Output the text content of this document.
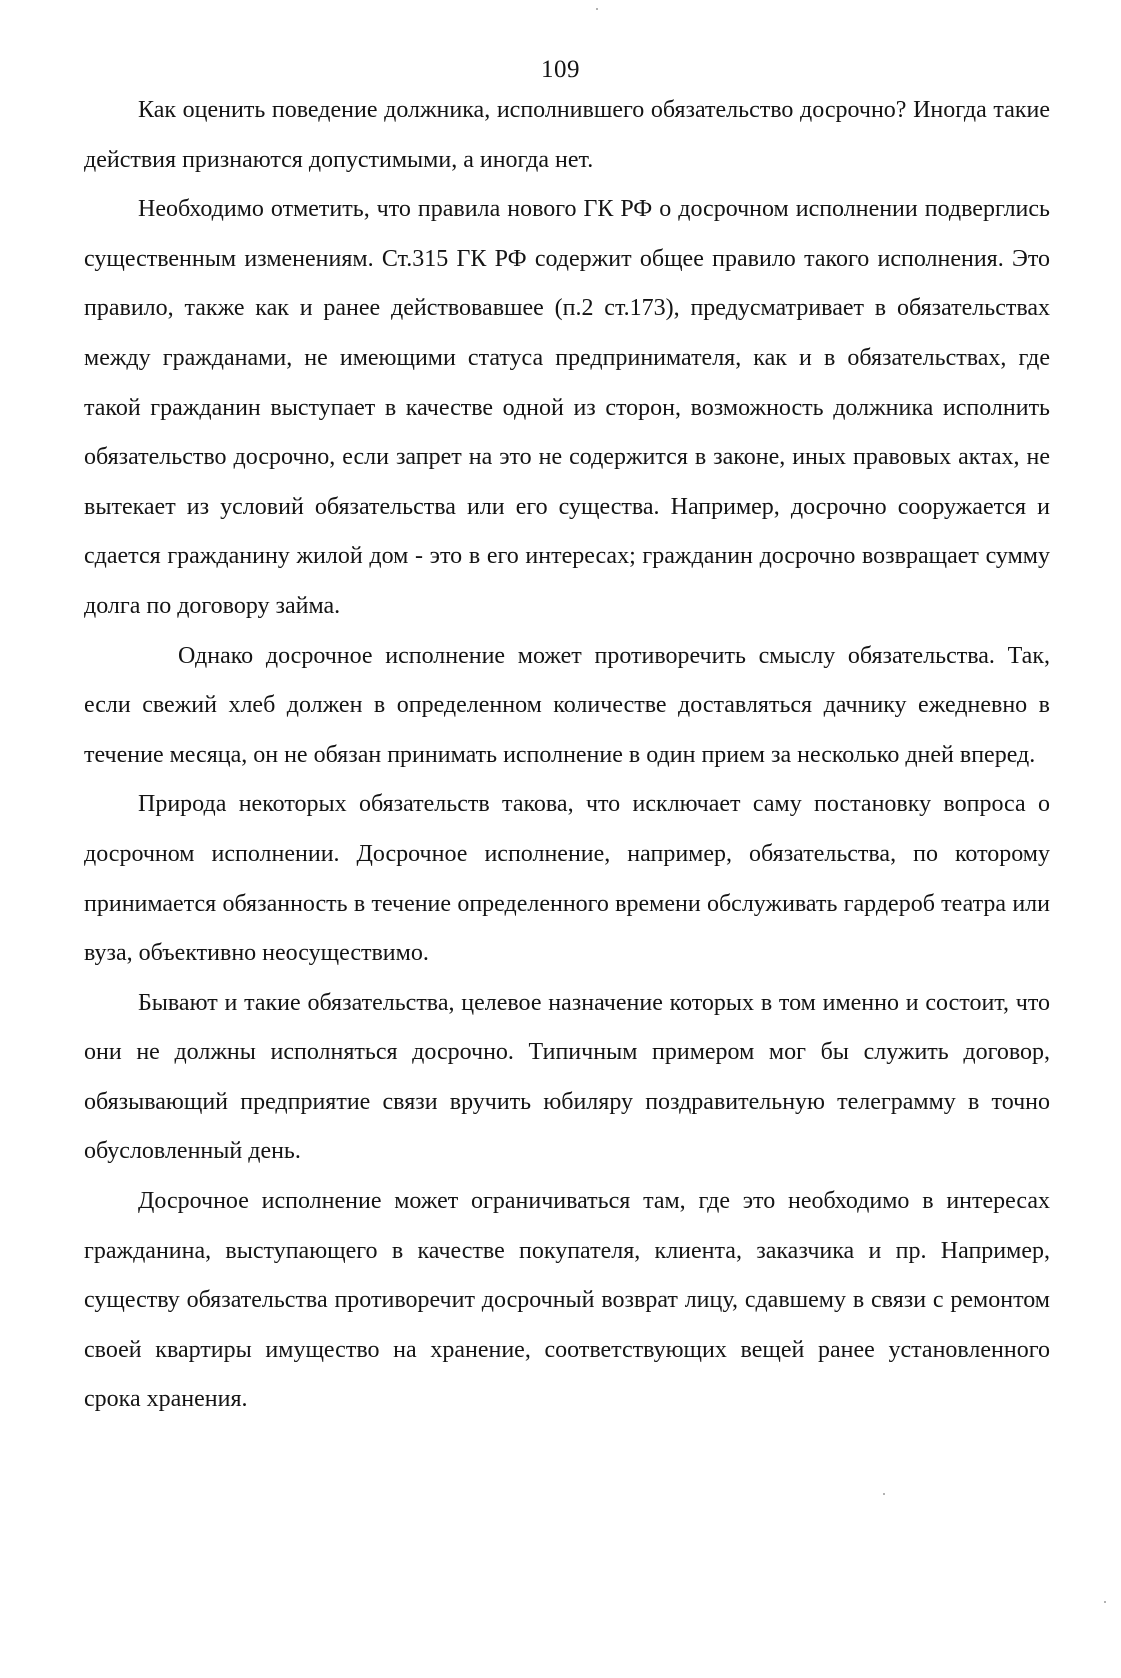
109

Как оценить поведение должника, исполнившего обязательство досрочно? Иногда такие действия признаются допустимыми, а иногда нет.

Необходимо отметить, что правила нового ГК РФ о досрочном исполнении подверглись существенным изменениям. Ст.315 ГК РФ содержит общее правило такого исполнения. Это правило, также как и ранее действовавшее (п.2 ст.173), предусматривает в обязательствах между гражданами, не имеющими статуса предпринимателя, как и в обязательствах, где такой гражданин выступает в качестве одной из сторон, возможность должника исполнить обязательство досрочно, если запрет на это не содержится в законе, иных правовых актах, не вытекает из условий обязательства или его существа. Например, досрочно сооружается и сдается гражданину жилой дом - это в его интересах; гражданин досрочно возвращает сумму долга по договору займа.

Однако досрочное исполнение может противоречить смыслу обязательства. Так, если свежий хлеб должен в определенном количестве доставляться дачнику ежедневно в течение месяца, он не обязан принимать исполнение в один прием за несколько дней вперед.

Природа некоторых обязательств такова, что исключает саму постановку вопроса о досрочном исполнении. Досрочное исполнение, например, обязательства, по которому принимается обязанность в течение определенного времени обслуживать гардероб театра или вуза, объективно неосуществимо.

Бывают и такие обязательства, целевое назначение которых в том именно и состоит, что они не должны исполняться досрочно. Типичным примером мог бы служить договор, обязывающий предприятие связи вручить юбиляру поздравительную телеграмму в точно обусловленный день.

Досрочное исполнение может ограничиваться там, где это необходимо в интересах гражданина, выступающего в качестве покупателя, клиента, заказчика и пр. Например, существу обязательства противоречит досрочный возврат лицу, сдавшему в связи с ремонтом своей квартиры имущество на хранение, соответствующих вещей ранее установленного срока хранения.
